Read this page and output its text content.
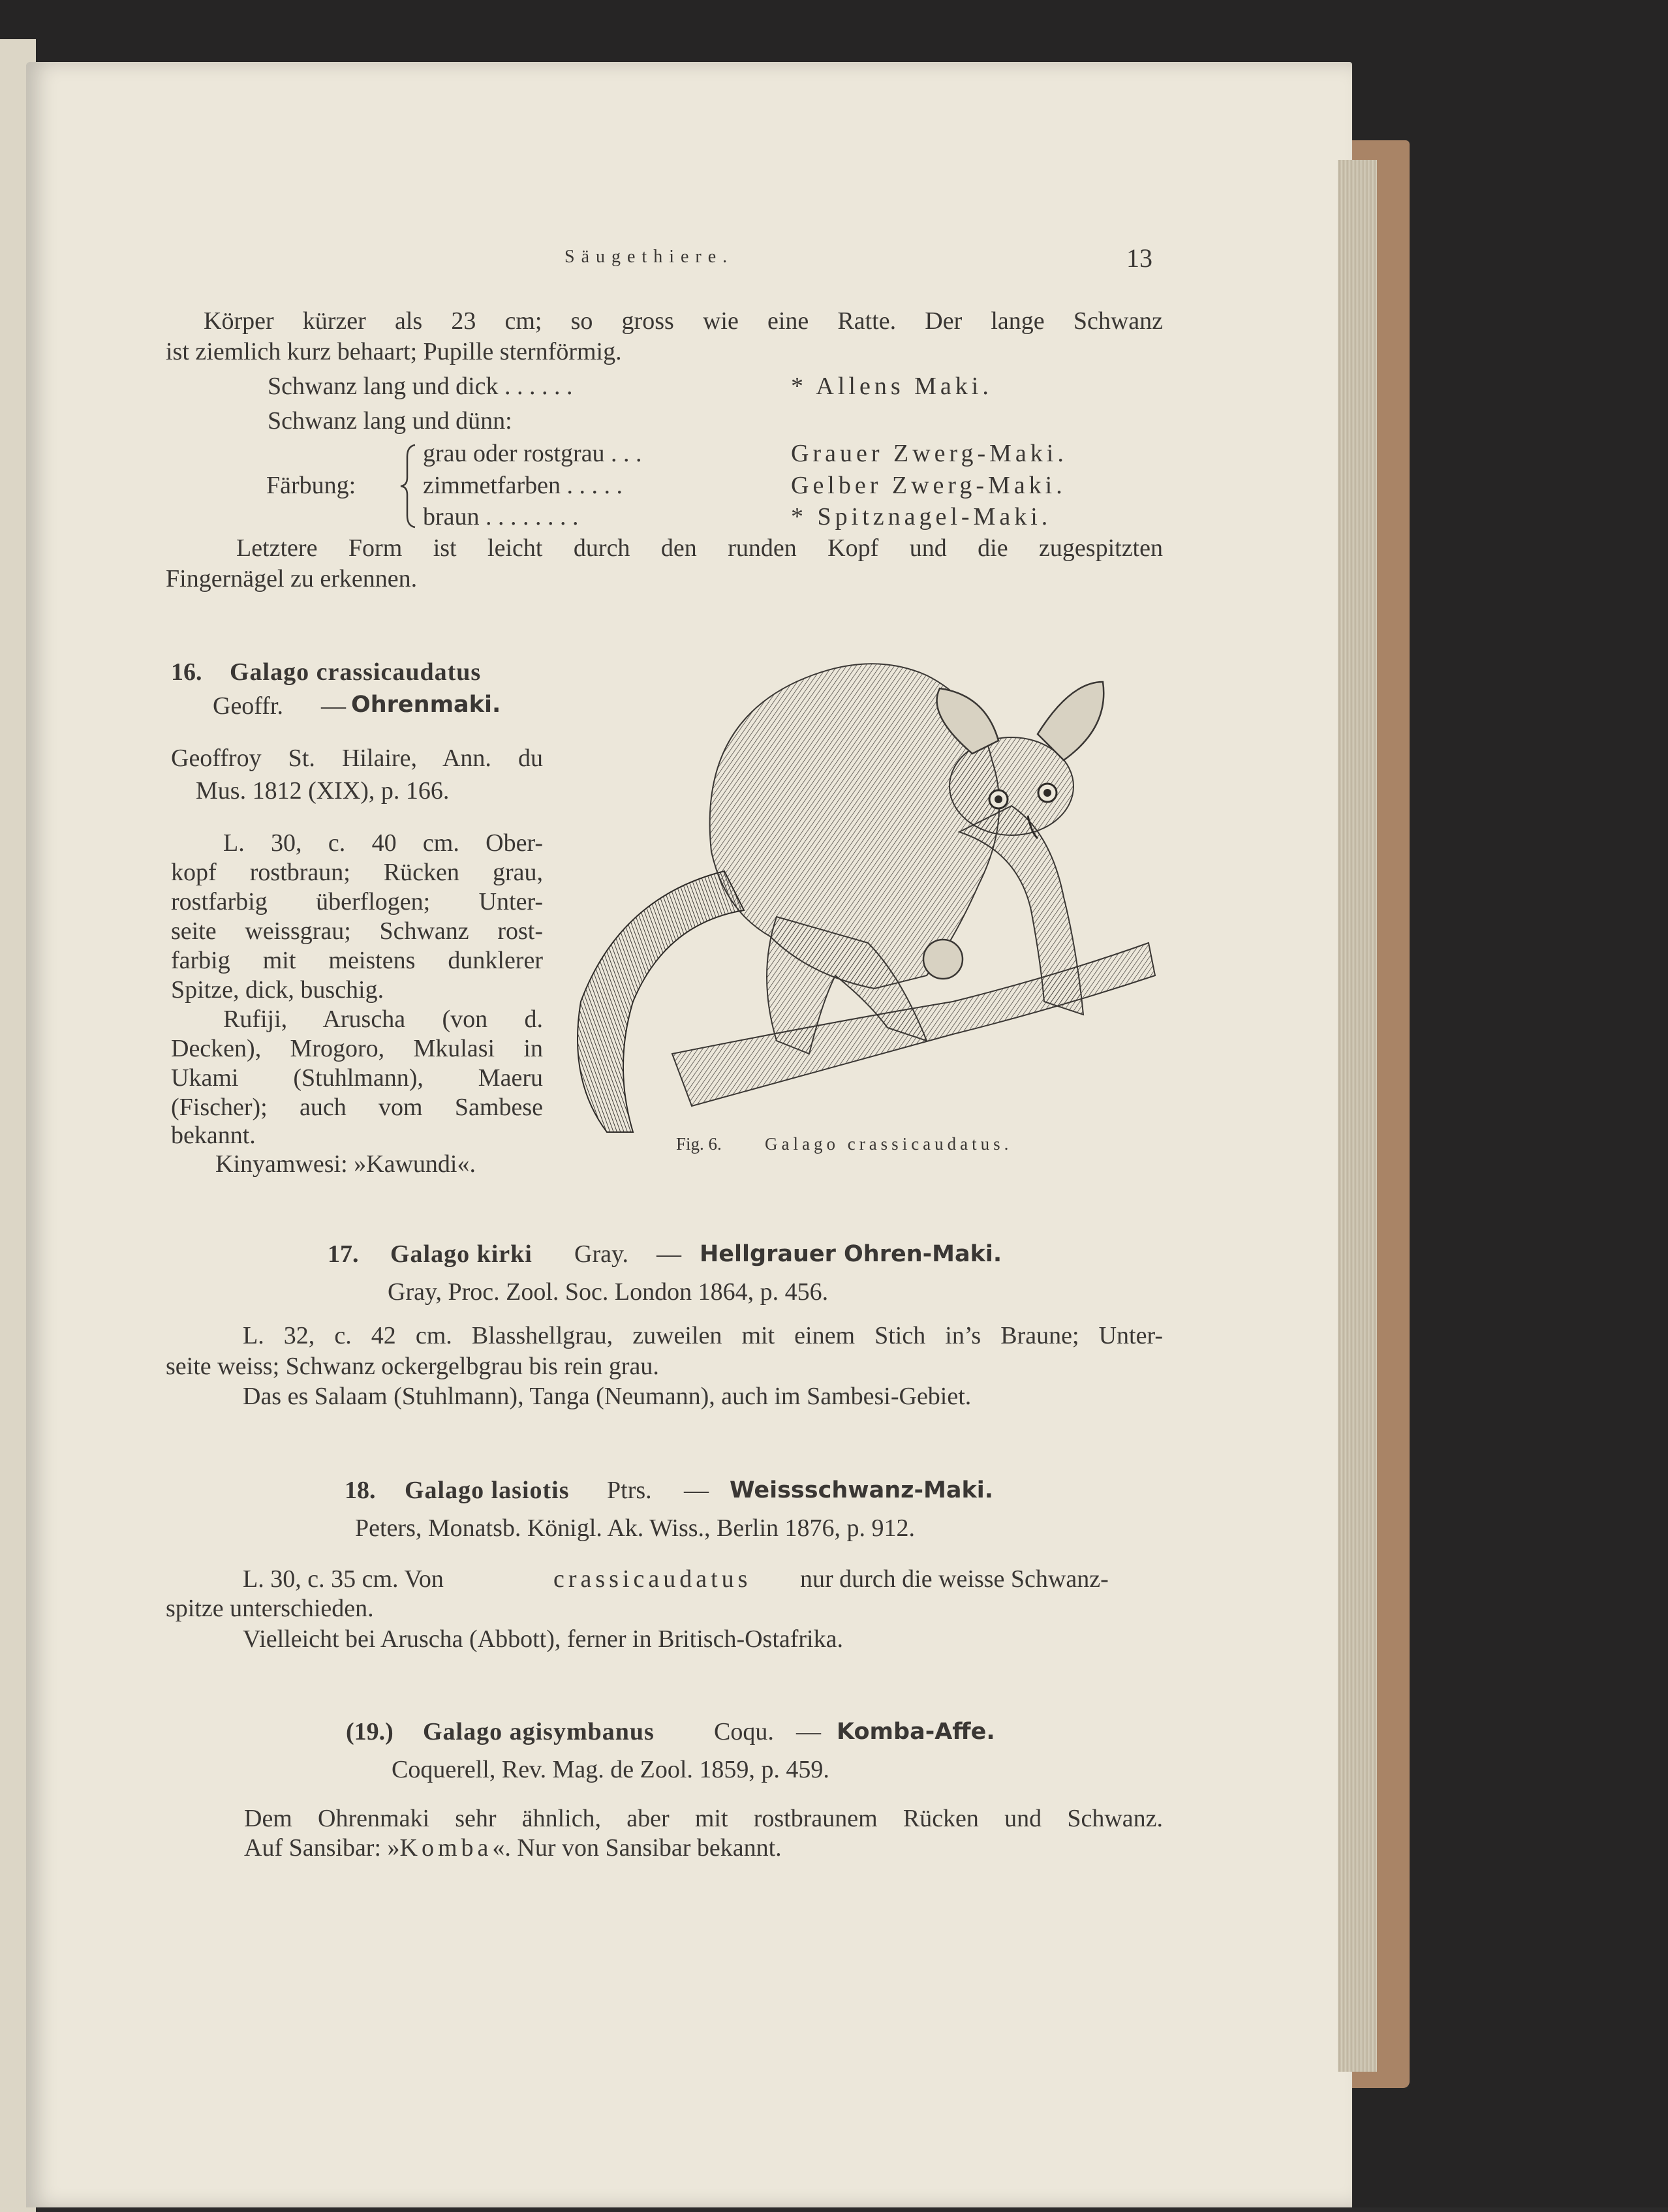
Säugethiere.	13
Körper kürzer als 23 cm; so gross wie eine Ratte. Der lange Schwanz
ist ziemlich kurz behaart; Pupille sternförmig.
Schwanz lang und dick . . . . . .	* Allens Maki.
Schwanz lang und dünn:
Färbung:
grau oder rostgrau . . .	Grauer Zwerg-Maki.
zimmetfarben . . . . .	Gelber Zwerg-Maki.
braun . . . . . . . .	* Spitznagel-Maki.
Letztere Form ist leicht durch den runden Kopf und die zugespitzten
Fingernägel zu erkennen.
16. Galago crassicaudatus
Geoffr. — Ohrenmaki.
Geoffroy St. Hilaire, Ann. du
Mus. 1812 (XIX), p. 166.
L. 30, c. 40 cm. Ober-
kopf rostbraun; Rücken grau,
rostfarbig überflogen; Unter-
seite weissgrau; Schwanz rost-
farbig mit meistens dunklerer
Spitze, dick, buschig.
Rufiji, Aruscha (von d.
Decken), Mrogoro, Mkulasi in
Ukami (Stuhlmann), Maeru
(Fischer); auch vom Sambese
bekannt.
Kinyamwesi: »Kawundi«.
Fig. 6. Galago crassicaudatus.
17. Galago kirki Gray. — Hellgrauer Ohren-Maki.
Gray, Proc. Zool. Soc. London 1864, p. 456.
L. 32, c. 42 cm. Blasshellgrau, zuweilen mit einem Stich in’s Braune; Unter-
seite weiss; Schwanz ockergelbgrau bis rein grau.
Das es Salaam (Stuhlmann), Tanga (Neumann), auch im Sambesi-Gebiet.
18. Galago lasiotis Ptrs. — Weissschwanz-Maki.
Peters, Monatsb. Königl. Ak. Wiss., Berlin 1876, p. 912.
L. 30, c. 35 cm. Von	crassicaudatus nur durch die weisse Schwanz-
spitze unterschieden.
Vielleicht bei Aruscha (Abbott), ferner in Britisch-Ostafrika.
(19.) Galago agisymbanus Coqu. — Komba-Affe.
Coquerell, Rev. Mag. de Zool. 1859, p. 459.
Dem Ohrenmaki sehr ähnlich, aber mit rostbraunem Rücken und Schwanz.
Auf Sansibar: »Komba«. Nur von Sansibar bekannt.
